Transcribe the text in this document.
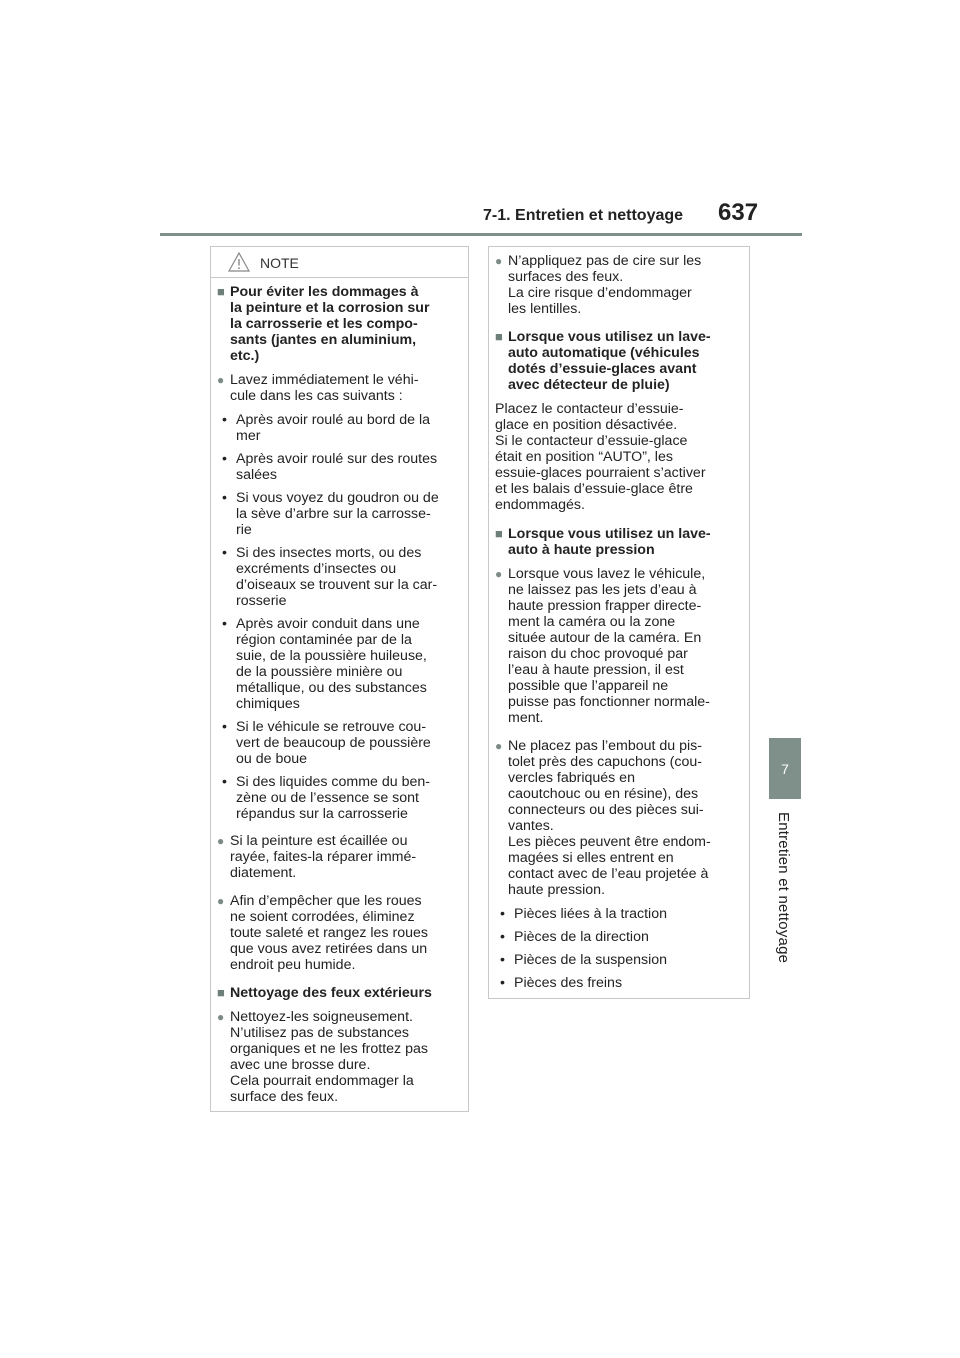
7-1. Entretien et nettoyage 637
7
Entretien et nettoyage
NOTE
■ Pour éviter les dommages à
la peinture et la corrosion sur
la carrosserie et les compo-
sants (jantes en aluminium,
etc.)
● Lavez immédiatement le véhi-
cule dans les cas suivants :
• Après avoir roulé au bord de la
mer
• Après avoir roulé sur des routes
salées
• Si vous voyez du goudron ou de
la sève d’arbre sur la carrosse-
rie
• Si des insectes morts, ou des
excréments d’insectes ou
d’oiseaux se trouvent sur la car-
rosserie
• Après avoir conduit dans une
région contaminée par de la
suie, de la poussière huileuse,
de la poussière minière ou
métallique, ou des substances
chimiques
• Si le véhicule se retrouve cou-
vert de beaucoup de poussière
ou de boue
• Si des liquides comme du ben-
zène ou de l’essence se sont
répandus sur la carrosserie
● Si la peinture est écaillée ou
rayée, faites-la réparer immé-
diatement.
● Afin d’empêcher que les roues
ne soient corrodées, éliminez
toute saleté et rangez les roues
que vous avez retirées dans un
endroit peu humide.
■ Nettoyage des feux extérieurs
● Nettoyez-les soigneusement.
N’utilisez pas de substances
organiques et ne les frottez pas
avec une brosse dure.
Cela pourrait endommager la
surface des feux.
● N’appliquez pas de cire sur les
surfaces des feux.
La cire risque d’endommager
les lentilles.
■ Lorsque vous utilisez un lave-
auto automatique (véhicules
dotés d’essuie-glaces avant
avec détecteur de pluie)
Placez le contacteur d’essuie-
glace en position désactivée.
Si le contacteur d’essuie-glace
était en position “AUTO”, les
essuie-glaces pourraient s’activer
et les balais d’essuie-glace être
endommagés.
■ Lorsque vous utilisez un lave-
auto à haute pression
● Lorsque vous lavez le véhicule,
ne laissez pas les jets d’eau à
haute pression frapper directe-
ment la caméra ou la zone
située autour de la caméra. En
raison du choc provoqué par
l’eau à haute pression, il est
possible que l’appareil ne
puisse pas fonctionner normale-
ment.
● Ne placez pas l’embout du pis-
tolet près des capuchons (cou-
vercles fabriqués en
caoutchouc ou en résine), des
connecteurs ou des pièces sui-
vantes.
Les pièces peuvent être endom-
magées si elles entrent en
contact avec de l’eau projetée à
haute pression.
• Pièces liées à la traction
• Pièces de la direction
• Pièces de la suspension
• Pièces des freins
